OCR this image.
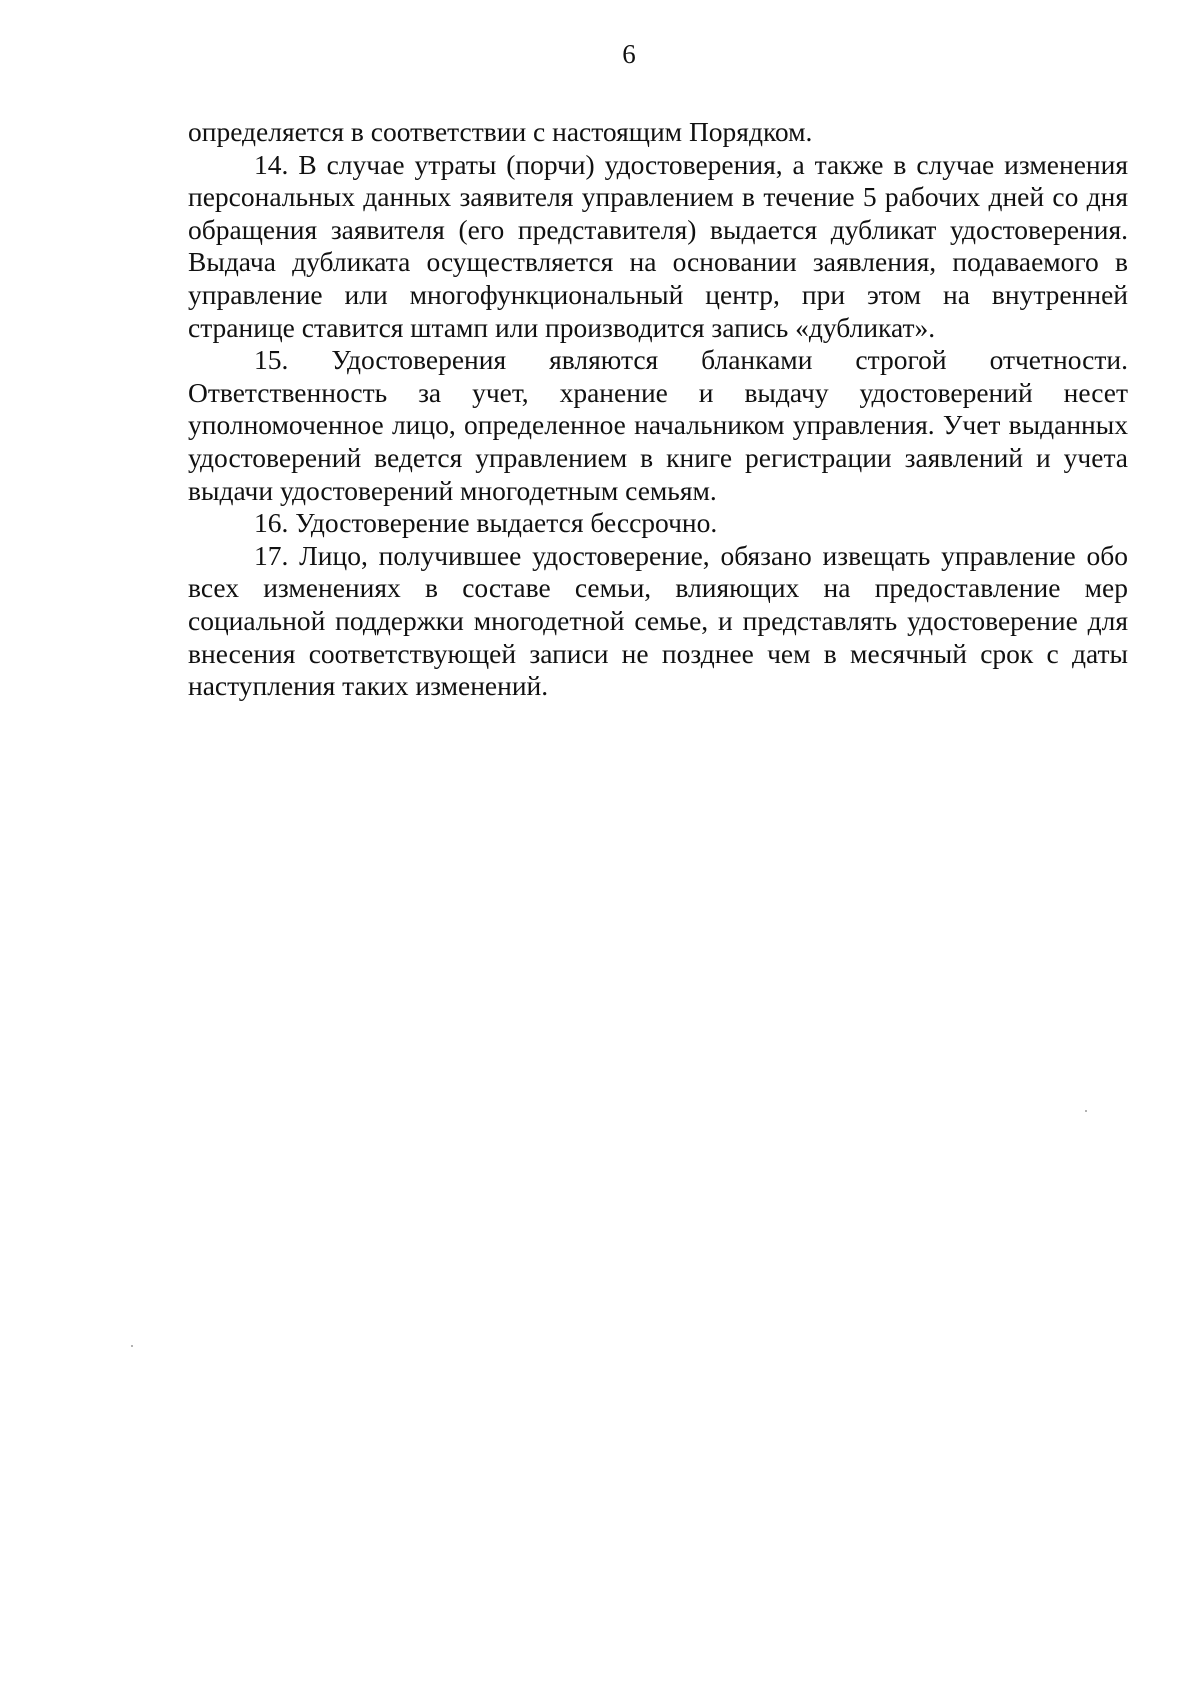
6

определяется в соответствии с настоящим Порядком.

14. В случае утраты (порчи) удостоверения, а также в случае изменения персональных данных заявителя управлением в течение 5 рабочих дней со дня обращения заявителя (его представителя) выдается дубликат удостоверения. Выдача дубликата осуществляется на основании заявления, подаваемого в управление или многофункциональный центр, при этом на внутренней странице ставится штамп или производится запись «дубликат».

15. Удостоверения являются бланками строгой отчетности. Ответственность за учет, хранение и выдачу удостоверений несет уполномоченное лицо, определенное начальником управления. Учет выданных удостоверений ведется управлением в книге регистрации заявлений и учета выдачи удостоверений многодетным семьям.

16. Удостоверение выдается бессрочно.

17. Лицо, получившее удостоверение, обязано извещать управление обо всех изменениях в составе семьи, влияющих на предоставление мер социальной поддержки многодетной семье, и представлять удостоверение для внесения соответствующей записи не позднее чем в месячный срок с даты наступления таких изменений.
